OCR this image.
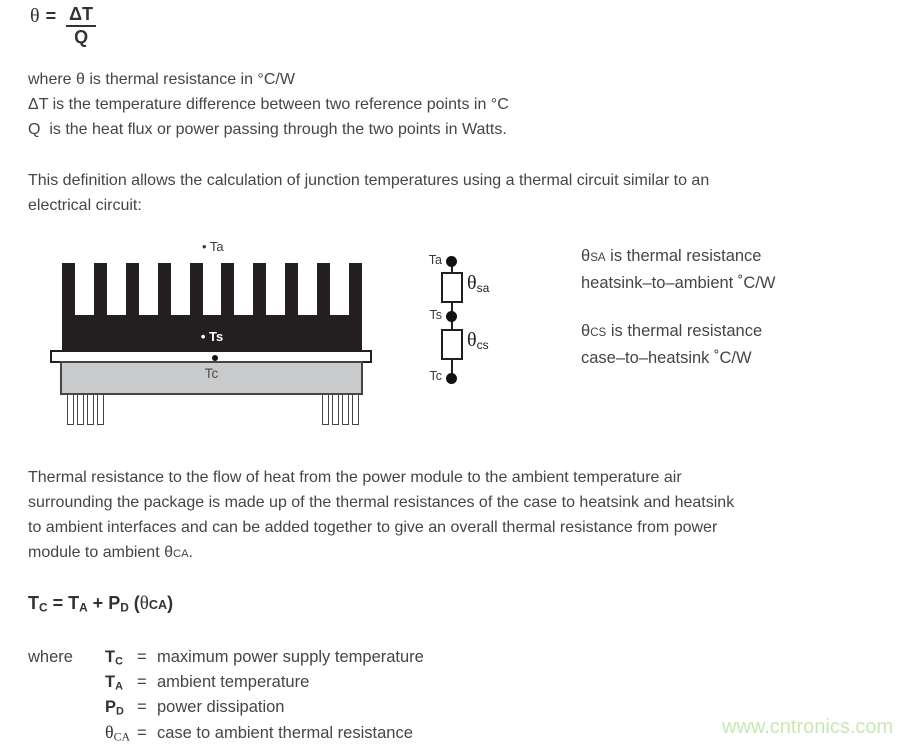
$\theta = \frac{\Delta T}{Q}$
where θ is thermal resistance in °C/W
ΔT is the temperature difference between two reference points in °C
Q  is the heat flux or power passing through the two points in Watts.
This definition allows the calculation of junction temperatures using a thermal circuit similar to an
electrical circuit:
• Ta
• Ts
Tc
Ta
Ts
Tc
$\theta_{sa}$
$\theta_{cs}$
θSA is thermal resistance
heatsink–to–ambient ˚C/W
θCS is thermal resistance
case–to–heatsink ˚C/W
Thermal resistance to the flow of heat from the power module to the ambient temperature air
surrounding the package is made up of the thermal resistances of the case to heatsink and heatsink
to ambient interfaces and can be added together to give an overall thermal resistance from power
module to ambient θCA.
$T_C = T_A + P_D$ (θCA)
where $T_C$ = maximum power supply temperature
$T_A$ = ambient temperature
$P_D$ = power dissipation
$\theta_{CA}$ = case to ambient thermal resistance	www.cntronics.com
